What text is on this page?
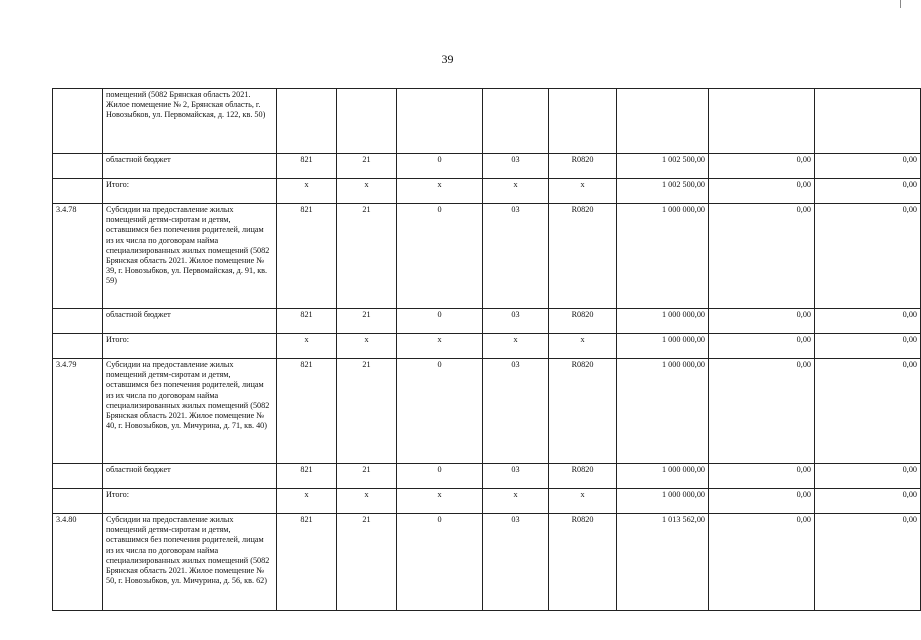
39
	помещений (5082 Брянская область 2021. Жилое помещение № 2, Брянская область, г. Новозыбков, ул. Первомайская, д. 122, кв. 50)								
	областной бюджет	821	21	0	03	R0820	1 002 500,00	0,00	0,00
	Итого:	x	x	x	x	x	1 002 500,00	0,00	0,00
3.4.78	Субсидии на предоставление жилых помещений детям-сиротам и детям, оставшимся без попечения родителей, лицам из их числа по договорам найма специализированных жилых помещений (5082 Брянская область 2021. Жилое помещение № 39, г. Новозыбков, ул. Первомайская, д. 91, кв. 59)	821	21	0	03	R0820	1 000 000,00	0,00	0,00
	областной бюджет	821	21	0	03	R0820	1 000 000,00	0,00	0,00
	Итого:	x	x	x	x	x	1 000 000,00	0,00	0,00
3.4.79	Субсидии на предоставление жилых помещений детям-сиротам и детям, оставшимся без попечения родителей, лицам из их числа по договорам найма специализированных жилых помещений (5082 Брянская область 2021. Жилое помещение № 40, г. Новозыбков, ул. Мичурина, д. 71, кв. 40)	821	21	0	03	R0820	1 000 000,00	0,00	0,00
	областной бюджет	821	21	0	03	R0820	1 000 000,00	0,00	0,00
	Итого:	x	x	x	x	x	1 000 000,00	0,00	0,00
3.4.80	Субсидии на предоставление жилых помещений детям-сиротам и детям, оставшимся без попечения родителей, лицам из их числа по договорам найма специализированных жилых помещений (5082 Брянская область 2021. Жилое помещение № 50, г. Новозыбков, ул. Мичурина, д. 56, кв. 62)	821	21	0	03	R0820	1 013 562,00	0,00	0,00
